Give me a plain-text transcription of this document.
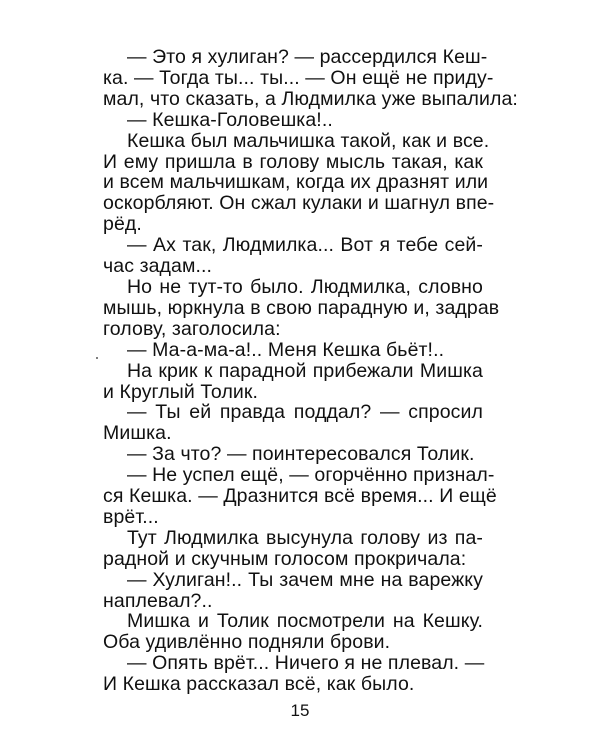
— Это я хулиган? — рассердился Кеш-
ка. — Тогда ты... ты... — Он ещё не приду-
мал, что сказать, а Людмилка уже выпалила:
— Кешка-Головешка!..
Кешка был мальчишка такой, как и все.
И ему пришла в голову мысль такая, как
и всем мальчишкам, когда их дразнят или
оскорбляют. Он сжал кулаки и шагнул впе-
рёд.
— Ах так, Людмилка... Вот я тебе сей-
час задам...
Но не тут-то было. Людмилка, словно
мышь, юркнула в свою парадную и, задрав
голову, заголосила:
— Ма-а-ма-а!.. Меня Кешка бьёт!..
На крик к парадной прибежали Мишка
и Круглый Толик.
— Ты ей правда поддал? — спросил
Мишка.
— За что? — поинтересовался Толик.
— Не успел ещё, — огорчённо признал-
ся Кешка. — Дразнится всё время... И ещё
врёт...
Тут Людмилка высунула голову из па-
радной и скучным голосом прокричала:
— Хулиган!.. Ты зачем мне на варежку
наплевал?..
Мишка и Толик посмотрели на Кешку.
Оба удивлённо подняли брови.
— Опять врёт... Ничего я не плевал. —
И Кешка рассказал всё, как было.
15
